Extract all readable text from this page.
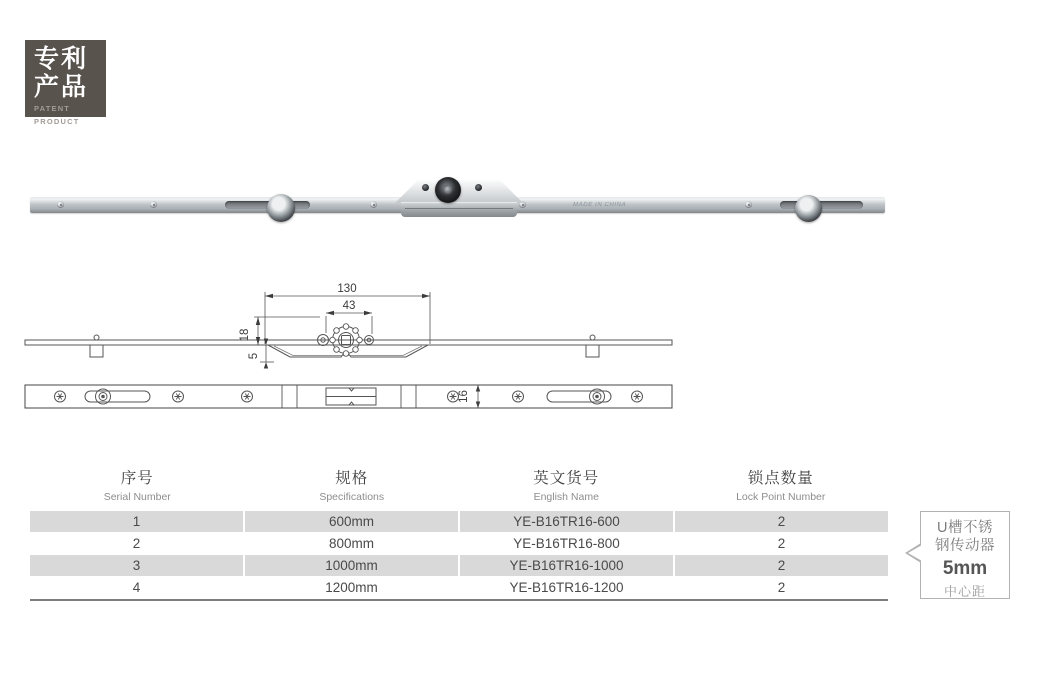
专利
产品
PATENT
PRODUCT
MADE IN CHINA
130
43
18
5
16
序号
Serial Number
规格
Specifications
英文货号
English Name
锁点数量
Lock Point Number
1	600mm	YE-B16TR16-600	2
2	800mm	YE-B16TR16-800	2
3	1000mm	YE-B16TR16-1000	2
4	1200mm	YE-B16TR16-1200	2
U槽不锈
钢传动器
5mm
中心距
